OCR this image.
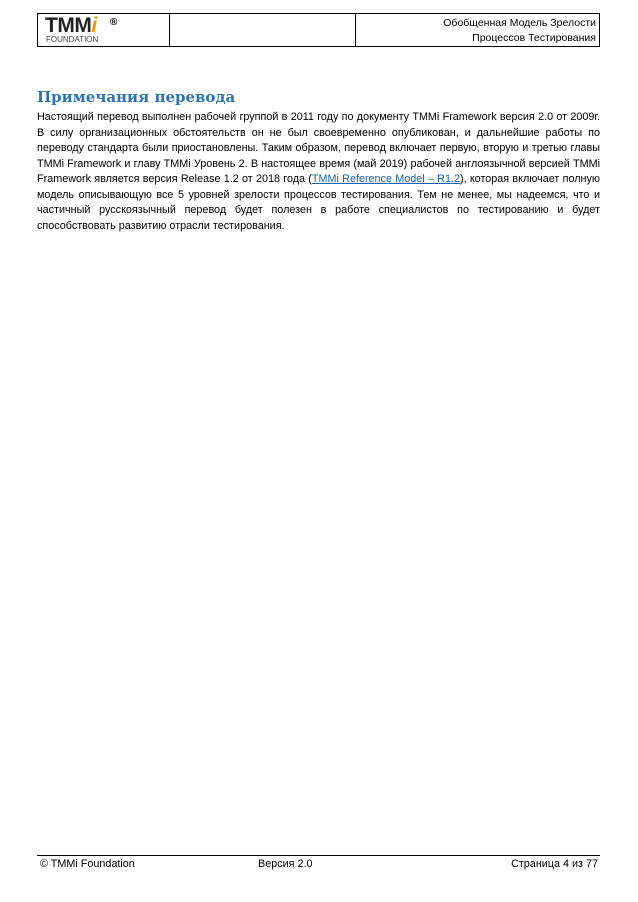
TMMi ®
FOUNDATION
Обобщенная Модель Зрелости
Процессов Тестирования
Примечания перевода

Настоящий перевод выполнен рабочей группой в 2011 году по документу TMMi Framework версия 2.0 от 2009г. В силу организационных обстоятельств он не был своевременно опубликован, и дальнейшие работы по переводу стандарта были приостановлены. Таким образом, перевод включает первую, вторую и третью главы TMMi Framework и главу TMMi Уровень 2. В настоящее время (май 2019) рабочей англоязычной версией TMMi Framework является версия Release 1.2 от 2018 года (TMMi Reference Model – R1.2), которая включает полную модель описывающую все 5 уровней зрелости процессов тестирования. Тем не менее, мы надеемся, что и частичный русскоязычный перевод будет полезен в работе специалистов по тестированию и будет способствовать развитию отрасли тестирования.

© TMMi Foundation	Версия 2.0	Страница 4 из 77
